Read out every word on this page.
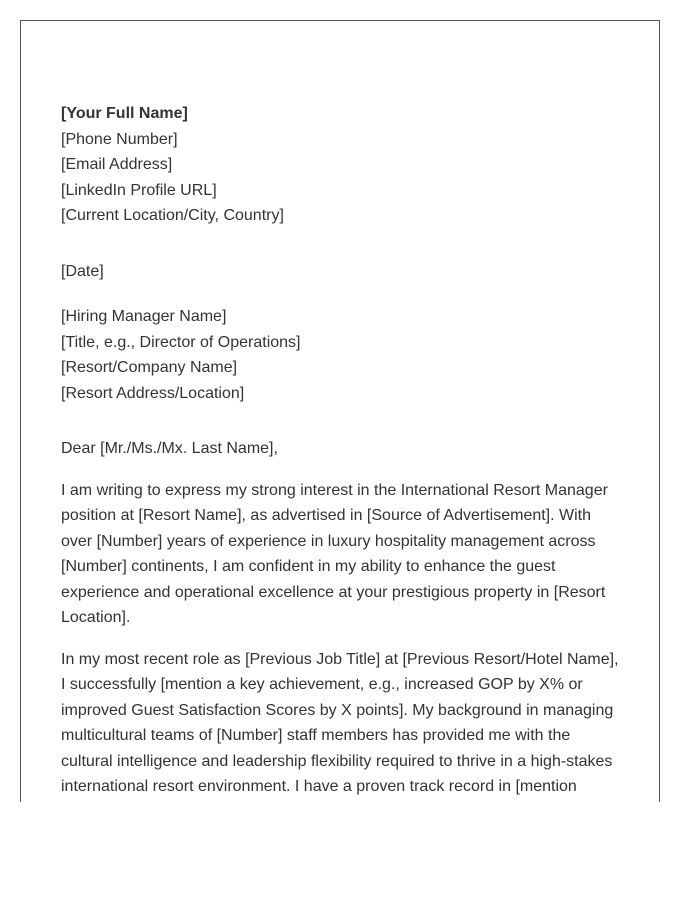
[Your Full Name]
[Phone Number]
[Email Address]
[LinkedIn Profile URL]
[Current Location/City, Country]
[Date]
[Hiring Manager Name]
[Title, e.g., Director of Operations]
[Resort/Company Name]
[Resort Address/Location]
Dear [Mr./Ms./Mx. Last Name],

I am writing to express my strong interest in the International Resort Manager position at [Resort Name], as advertised in [Source of Advertisement]. With over [Number] years of experience in luxury hospitality management across [Number] continents, I am confident in my ability to enhance the guest experience and operational excellence at your prestigious property in [Resort Location].

In my most recent role as [Previous Job Title] at [Previous Resort/Hotel Name], I successfully [mention a key achievement, e.g., increased GOP by X% or improved Guest Satisfaction Scores by X points]. My background in managing multicultural teams of [Number] staff members has provided me with the cultural intelligence and leadership flexibility required to thrive in a high-stakes international resort environment. I have a proven track record in [mention
